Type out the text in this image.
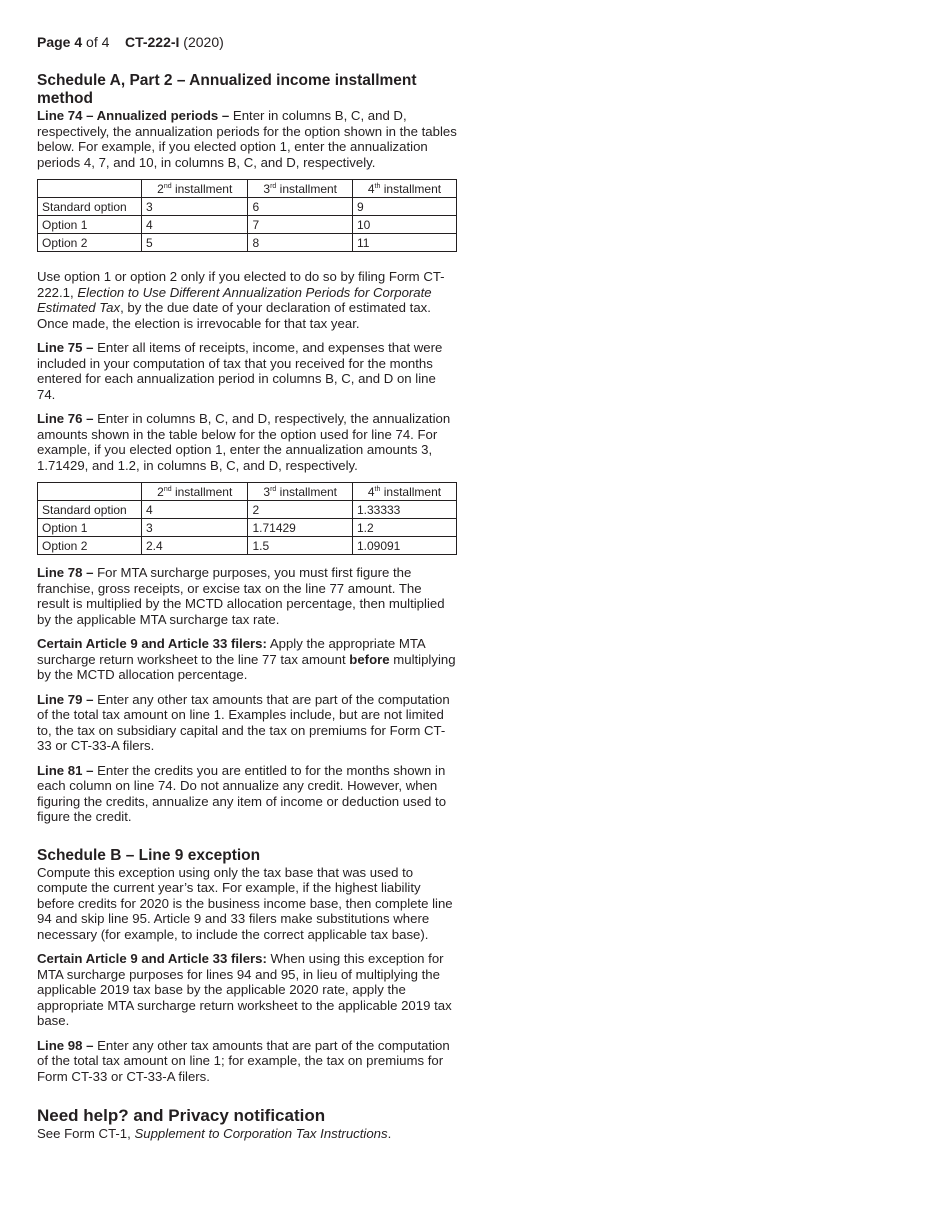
Page 4 of 4 CT-222-I (2020)
Schedule A, Part 2 – Annualized income installment method

Line 74 – Annualized periods – Enter in columns B, C, and D, respectively, the annualization periods for the option shown in the tables below. For example, if you elected option 1, enter the annualization periods 4, 7, and 10, in columns B, C, and D, respectively.

	2nd installment	3rd installment	4th installment
Standard option	3	6	9
Option 1	4	7	10
Option 2	5	8	11

Use option 1 or option 2 only if you elected to do so by filing Form CT-222.1, Election to Use Different Annualization Periods for Corporate Estimated Tax, by the due date of your declaration of estimated tax. Once made, the election is irrevocable for that tax year.

Line 75 – Enter all items of receipts, income, and expenses that were included in your computation of tax that you received for the months entered for each annualization period in columns B, C, and D on line 74.

Line 76 – Enter in columns B, C, and D, respectively, the annualization amounts shown in the table below for the option used for line 74. For example, if you elected option 1, enter the annualization amounts 3, 1.71429, and 1.2, in columns B, C, and D, respectively.

	2nd installment	3rd installment	4th installment
Standard option	4	2	1.33333
Option 1	3	1.71429	1.2
Option 2	2.4	1.5	1.09091

Line 78 – For MTA surcharge purposes, you must first figure the franchise, gross receipts, or excise tax on the line 77 amount. The result is multiplied by the MCTD allocation percentage, then multiplied by the applicable MTA surcharge tax rate.

Certain Article 9 and Article 33 filers: Apply the appropriate MTA surcharge return worksheet to the line 77 tax amount before multiplying by the MCTD allocation percentage.

Line 79 – Enter any other tax amounts that are part of the computation of the total tax amount on line 1. Examples include, but are not limited to, the tax on subsidiary capital and the tax on premiums for Form CT-33 or CT-33-A filers.

Line 81 – Enter the credits you are entitled to for the months shown in each column on line 74. Do not annualize any credit. However, when figuring the credits, annualize any item of income or deduction used to figure the credit.

Schedule B – Line 9 exception

Compute this exception using only the tax base that was used to compute the current year’s tax. For example, if the highest liability before credits for 2020 is the business income base, then complete line 94 and skip line 95. Article 9 and 33 filers make substitutions where necessary (for example, to include the correct applicable tax base).

Certain Article 9 and Article 33 filers: When using this exception for MTA surcharge purposes for lines 94 and 95, in lieu of multiplying the applicable 2019 tax base by the applicable 2020 rate, apply the appropriate MTA surcharge return worksheet to the applicable 2019 tax base.

Line 98 – Enter any other tax amounts that are part of the computation of the total tax amount on line 1; for example, the tax on premiums for Form CT-33 or CT-33-A filers.

Need help? and Privacy notification

See Form CT-1, Supplement to Corporation Tax Instructions.
